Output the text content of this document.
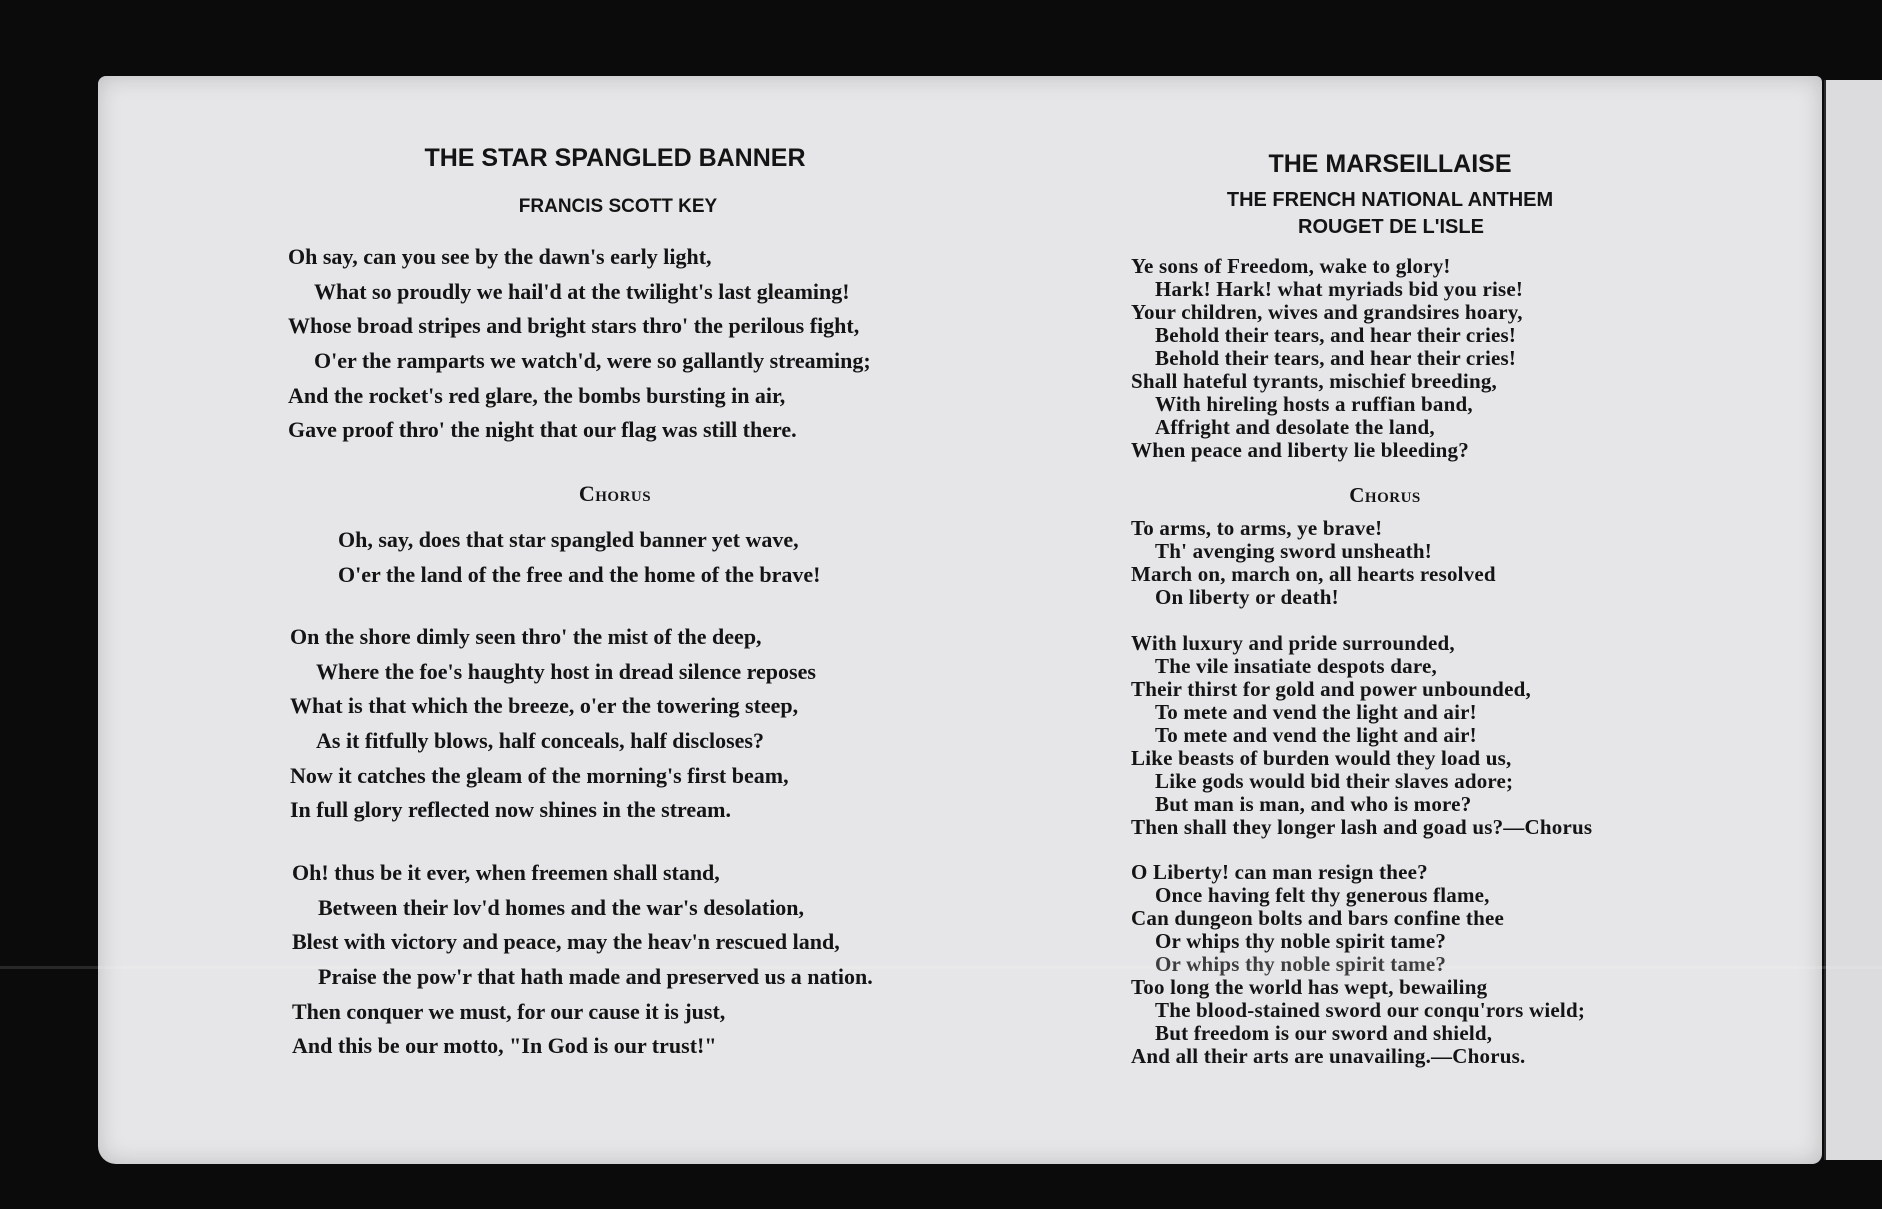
THE STAR SPANGLED BANNER
FRANCIS SCOTT KEY
Oh say, can you see by the dawn's early light,
What so proudly we hail'd at the twilight's last gleaming!
Whose broad stripes and bright stars thro' the perilous fight,
O'er the ramparts we watch'd, were so gallantly streaming;
And the rocket's red glare, the bombs bursting in air,
Gave proof thro' the night that our flag was still there.
Chorus
Oh, say, does that star spangled banner yet wave,
O'er the land of the free and the home of the brave!
On the shore dimly seen thro' the mist of the deep,
Where the foe's haughty host in dread silence reposes
What is that which the breeze, o'er the towering steep,
As it fitfully blows, half conceals, half discloses?
Now it catches the gleam of the morning's first beam,
In full glory reflected now shines in the stream.
Oh! thus be it ever, when freemen shall stand,
Between their lov'd homes and the war's desolation,
Blest with victory and peace, may the heav'n rescued land,
Praise the pow'r that hath made and preserved us a nation.
Then conquer we must, for our cause it is just,
And this be our motto, "In God is our trust!"
THE MARSEILLAISE
THE FRENCH NATIONAL ANTHEM
ROUGET DE L'ISLE
Ye sons of Freedom, wake to glory!
Hark! Hark! what myriads bid you rise!
Your children, wives and grandsires hoary,
Behold their tears, and hear their cries!
Behold their tears, and hear their cries!
Shall hateful tyrants, mischief breeding,
With hireling hosts a ruffian band,
Affright and desolate the land,
When peace and liberty lie bleeding?
Chorus
To arms, to arms, ye brave!
Th' avenging sword unsheath!
March on, march on, all hearts resolved
On liberty or death!
With luxury and pride surrounded,
The vile insatiate despots dare,
Their thirst for gold and power unbounded,
To mete and vend the light and air!
To mete and vend the light and air!
Like beasts of burden would they load us,
Like gods would bid their slaves adore;
But man is man, and who is more?
Then shall they longer lash and goad us?—Chorus
O Liberty! can man resign thee?
Once having felt thy generous flame,
Can dungeon bolts and bars confine thee
Or whips thy noble spirit tame?
Or whips thy noble spirit tame?
Too long the world has wept, bewailing
The blood-stained sword our conqu'rors wield;
But freedom is our sword and shield,
And all their arts are unavailing.—Chorus.
